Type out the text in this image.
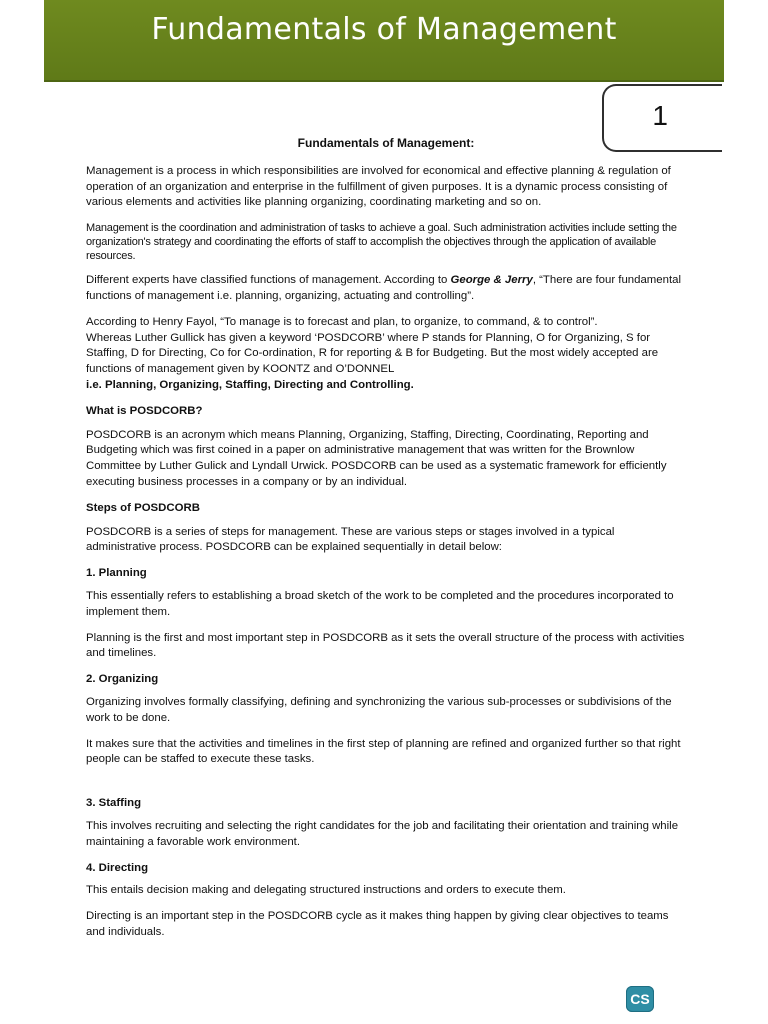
Fundamentals of Management
1
Fundamentals of Management:

Management is a process in which responsibilities are involved for economical and effective planning & regulation of operation of an organization and enterprise in the fulfillment of given purposes. It is a dynamic process consisting of various elements and activities like planning organizing, coordinating marketing and so on.

Management is the coordination and administration of tasks to achieve a goal. Such administration activities include setting the organization's strategy and coordinating the efforts of staff to accomplish the objectives through the application of available resources.

Different experts have classified functions of management. According to George & Jerry, “There are four fundamental functions of management i.e. planning, organizing, actuating and controlling”.

According to Henry Fayol, “To manage is to forecast and plan, to organize, to command, & to control”.
Whereas Luther Gullick has given a keyword ‘POSDCORB’ where P stands for Planning, O for Organizing, S for Staffing, D for Directing, Co for Co-ordination, R for reporting & B for Budgeting. But the most widely accepted are functions of management given by KOONTZ and O’DONNEL
i.e. Planning, Organizing, Staffing, Directing and Controlling.

What is POSDCORB?

POSDCORB is an acronym which means Planning, Organizing, Staffing, Directing, Coordinating, Reporting and Budgeting which was first coined in a paper on administrative management that was written for the Brownlow Committee by Luther Gulick and Lyndall Urwick. POSDCORB can be used as a systematic framework for efficiently executing business processes in a company or by an individual.

Steps of POSDCORB

POSDCORB is a series of steps for management. These are various steps or stages involved in a typical administrative process. POSDCORB can be explained sequentially in detail below:

1. Planning

This essentially refers to establishing a broad sketch of the work to be completed and the procedures incorporated to implement them.

Planning is the first and most important step in POSDCORB as it sets the overall structure of the process with activities and timelines.

2. Organizing

Organizing involves formally classifying, defining and synchronizing the various sub-processes or subdivisions of the work to be done.

It makes sure that the activities and timelines in the first step of planning are refined and organized further so that right people can be staffed to execute these tasks.

3. Staffing

This involves recruiting and selecting the right candidates for the job and facilitating their orientation and training while maintaining a favorable work environment.

4. Directing

This entails decision making and delegating structured instructions and orders to execute them.

Directing is an important step in the POSDCORB cycle as it makes thing happen by giving clear objectives to teams and individuals.

CS
